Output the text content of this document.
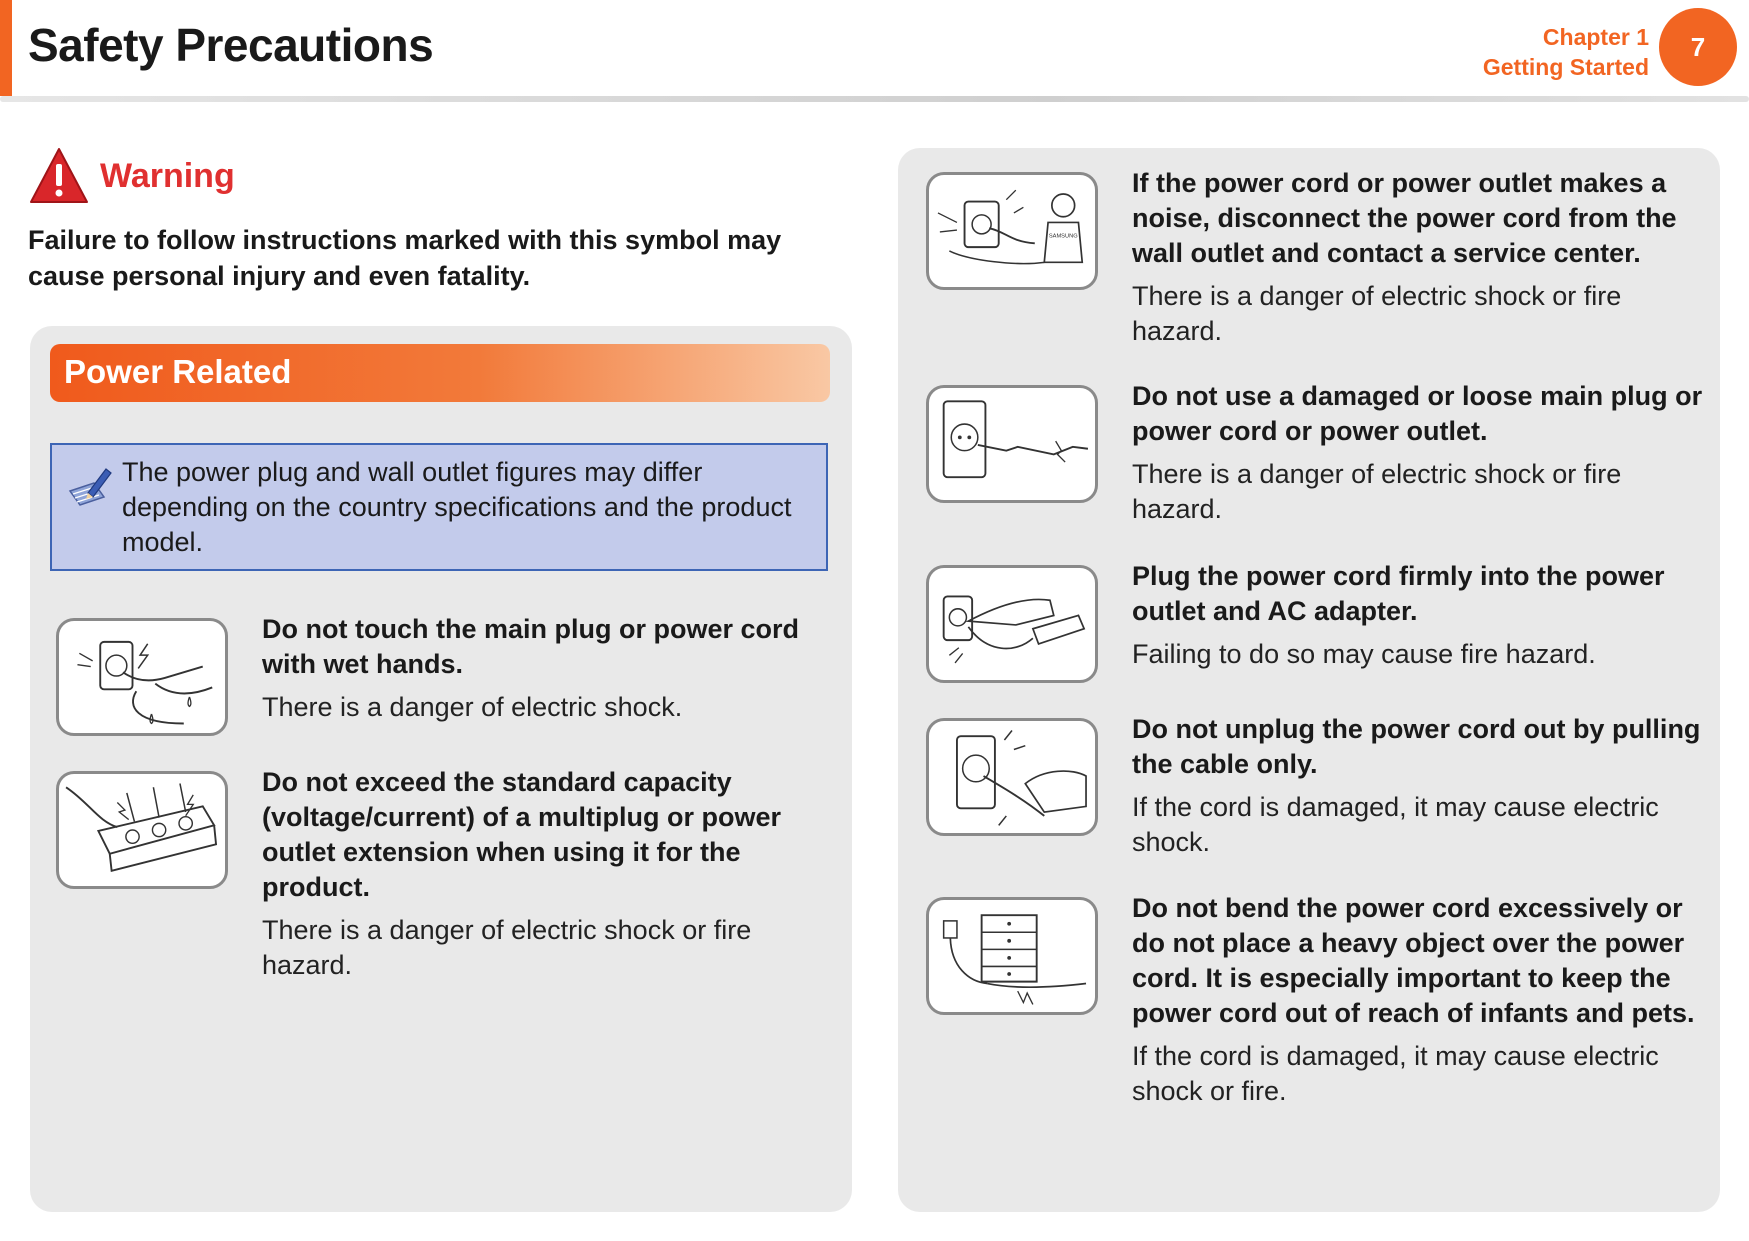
Safety Precautions	Chapter 1
Getting Started
7
Warning
Failure to follow instructions marked with this symbol may cause personal injury and even fatality.
Power Related
The power plug and wall outlet figures may differ depending on the country specifications and the product model.
Do not touch the main plug or power cord with wet hands.
There is a danger of electric shock.
Do not exceed the standard capacity (voltage/current) of a multiplug or power outlet extension when using it for the product.
There is a danger of electric shock or fire hazard.
SAMSUNG
If the power cord or power outlet makes a noise, disconnect the power cord from the wall outlet and contact a service center.
There is a danger of electric shock or fire hazard.
Do not use a damaged or loose main plug or power cord or power outlet.
There is a danger of electric shock or fire hazard.
Plug the power cord firmly into the power outlet and AC adapter.
Failing to do so may cause fire hazard.
Do not unplug the power cord out by pulling the cable only.
If the cord is damaged, it may cause electric shock.
Do not bend the power cord excessively or do not place a heavy object over the power cord. It is especially important to keep the power cord out of reach of infants and pets.
If the cord is damaged, it may cause electric shock or fire.
